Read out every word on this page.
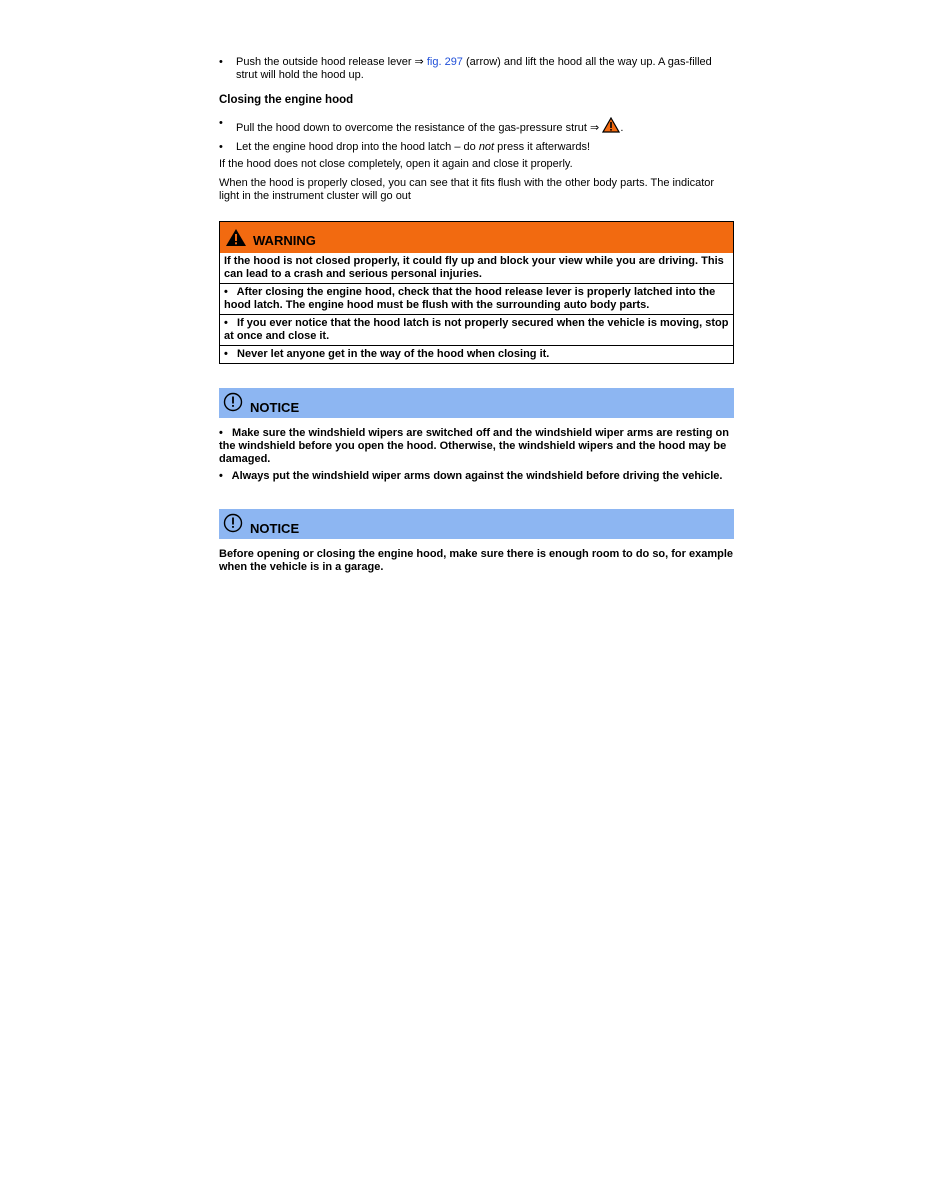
• Push the outside hood release lever ⇒ fig. 297 (arrow) and lift the hood all the way up. A gas-filled strut will hold the hood up.
Closing the engine hood
• Pull the hood down to overcome the resistance of the gas-pressure strut ⇒ .
• Let the engine hood drop into the hood latch – do not press it afterwards!

If the hood does not close completely, open it again and close it properly.

When the hood is properly closed, you can see that it fits flush with the other body parts. The indicator light in the instrument cluster will go out

WARNING
If the hood is not closed properly, it could fly up and block your view while you are driving. This can lead to a crash and serious personal injuries.
• After closing the engine hood, check that the hood release lever is properly latched into the hood latch. The engine hood must be flush with the surrounding auto body parts.
• If you ever notice that the hood latch is not properly secured when the vehicle is moving, stop at once and close it.
• Never let anyone get in the way of the hood when closing it.
NOTICE
• Make sure the windshield wipers are switched off and the windshield wiper arms are resting on the windshield before you open the hood. Otherwise, the windshield wipers and the hood may be damaged.
• Always put the windshield wiper arms down against the windshield before driving the vehicle.
NOTICE
Before opening or closing the engine hood, make sure there is enough room to do so, for example when the vehicle is in a garage.
